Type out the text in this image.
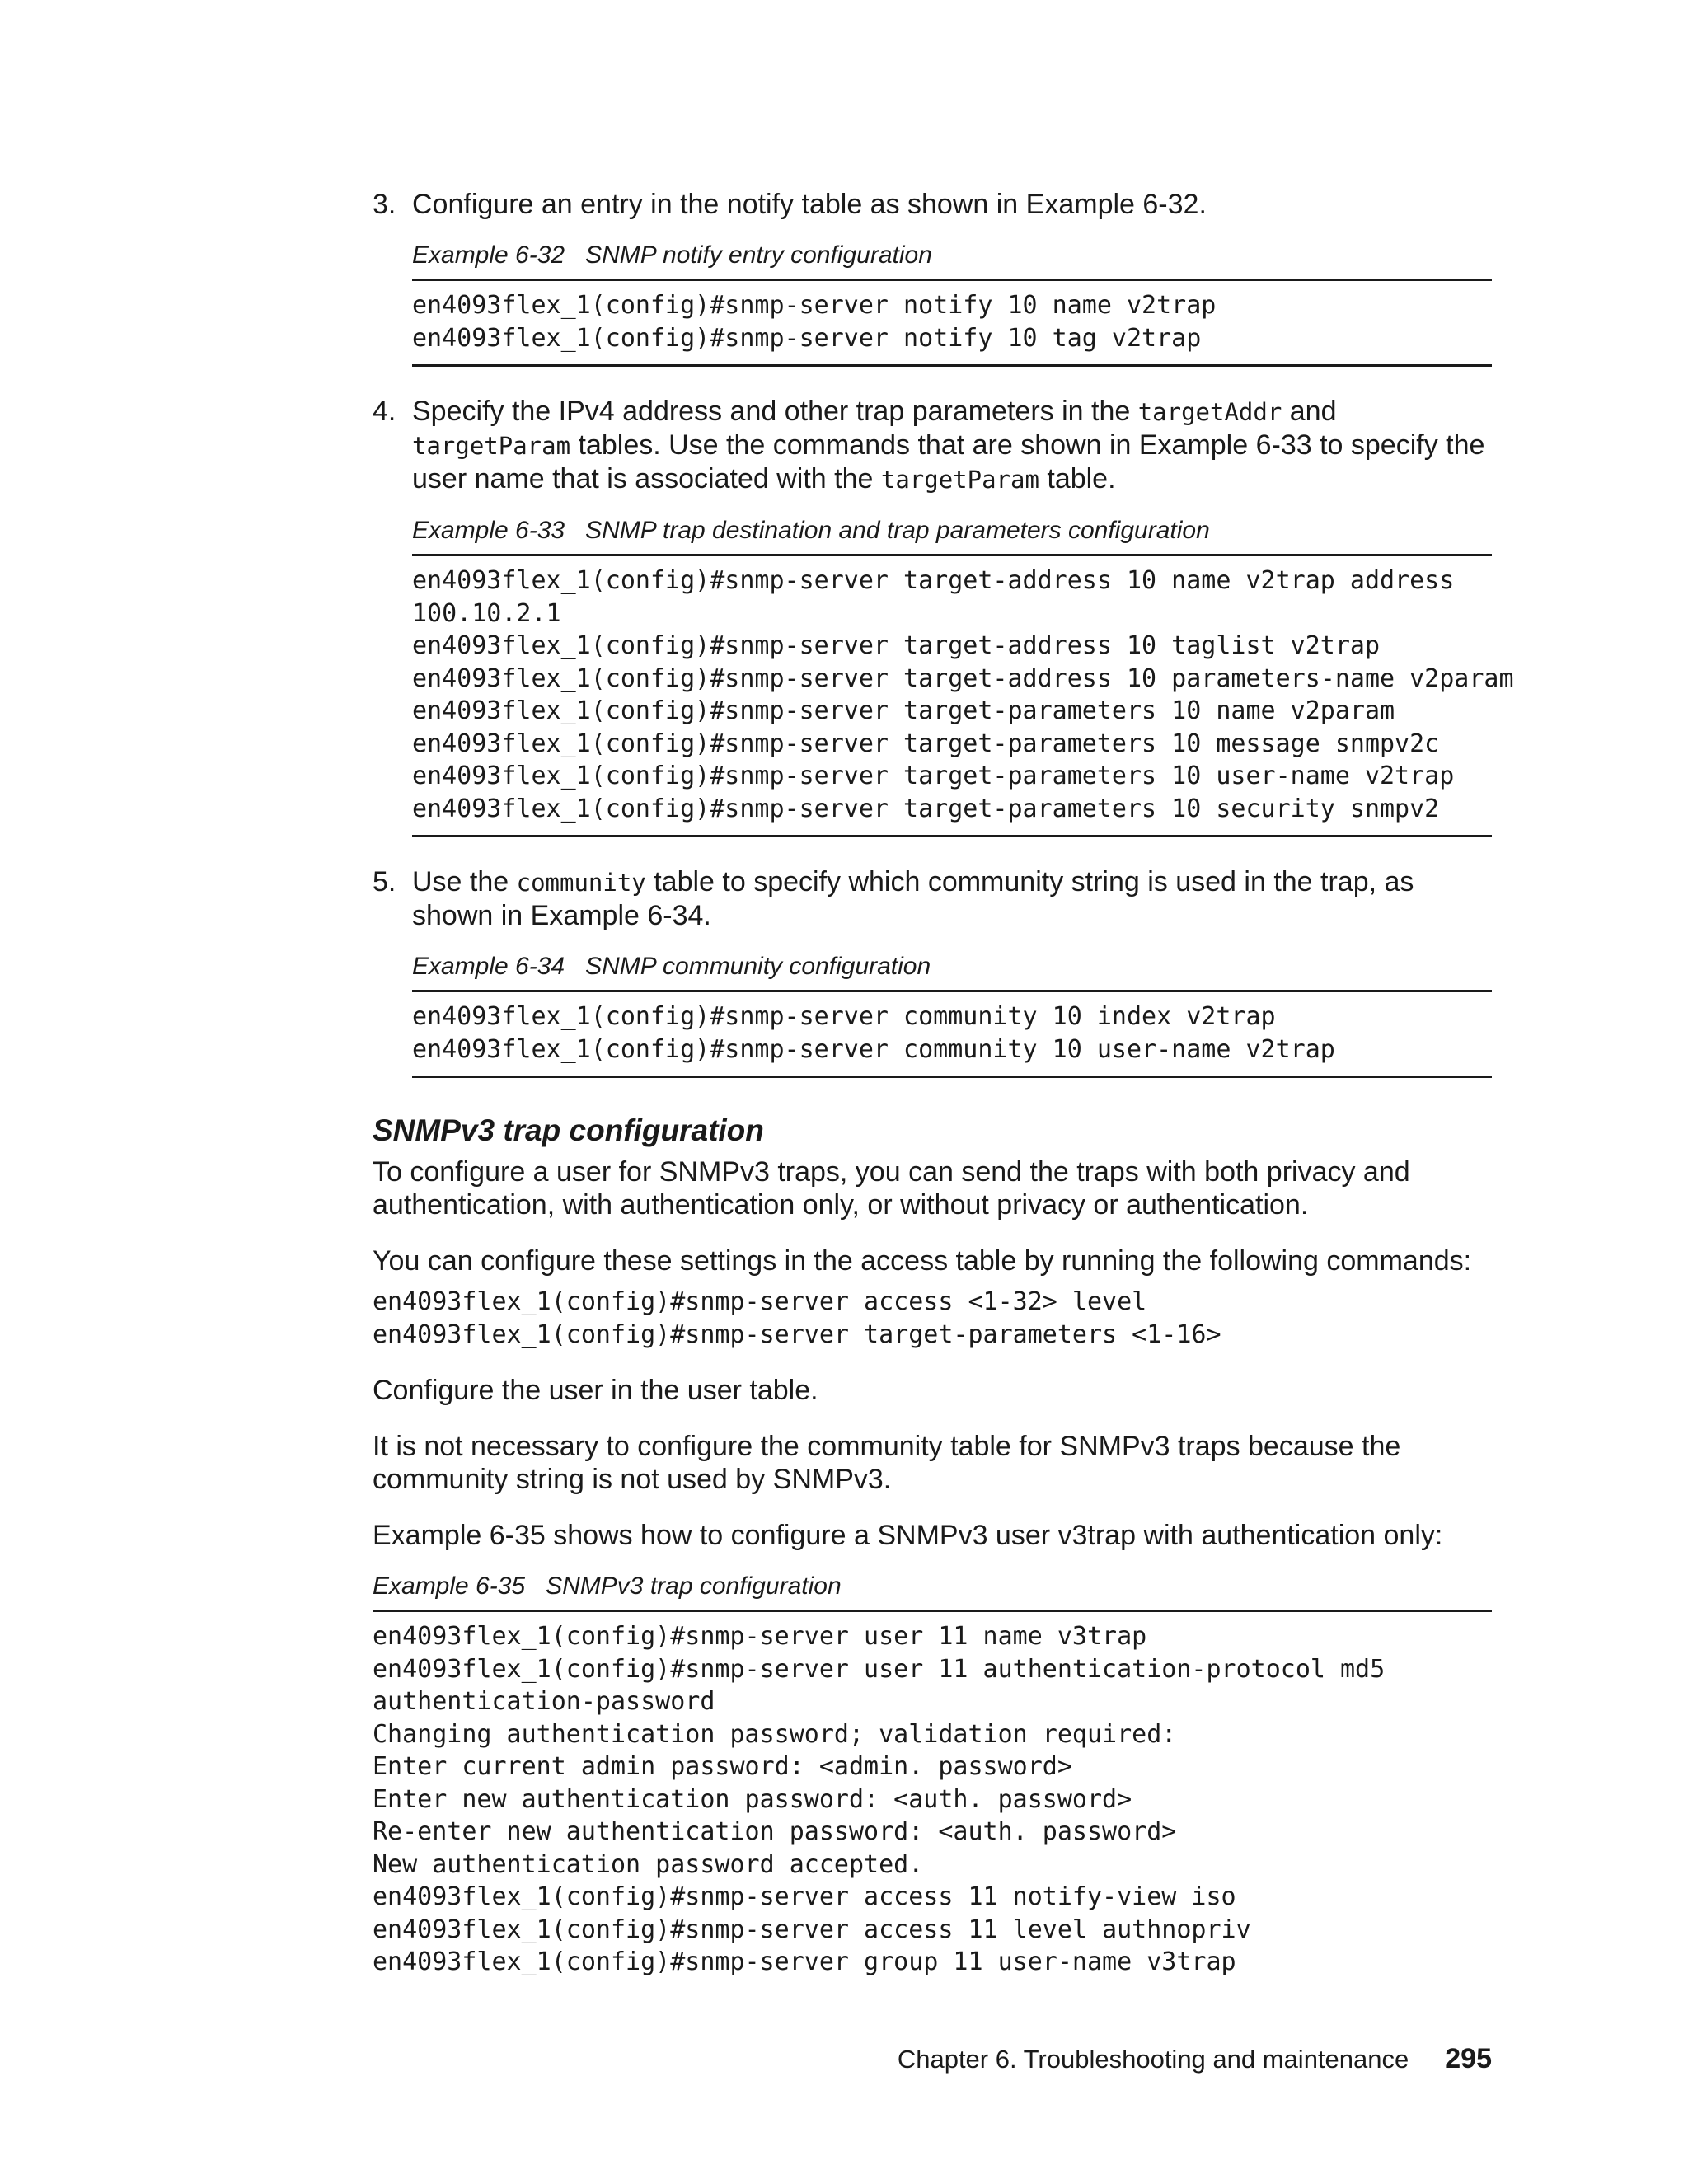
3. Configure an entry in the notify table as shown in Example 6-32.
Example 6-32 SNMP notify entry configuration
en4093flex_1(config)#snmp-server notify 10 name v2trap
en4093flex_1(config)#snmp-server notify 10 tag v2trap
4. Specify the IPv4 address and other trap parameters in the targetAddr and targetParam tables. Use the commands that are shown in Example 6-33 to specify the user name that is associated with the targetParam table.
Example 6-33 SNMP trap destination and trap parameters configuration
en4093flex_1(config)#snmp-server target-address 10 name v2trap address
100.10.2.1
en4093flex_1(config)#snmp-server target-address 10 taglist v2trap
en4093flex_1(config)#snmp-server target-address 10 parameters-name v2param
en4093flex_1(config)#snmp-server target-parameters 10 name v2param
en4093flex_1(config)#snmp-server target-parameters 10 message snmpv2c
en4093flex_1(config)#snmp-server target-parameters 10 user-name v2trap
en4093flex_1(config)#snmp-server target-parameters 10 security snmpv2
5. Use the community table to specify which community string is used in the trap, as shown in Example 6-34.
Example 6-34 SNMP community configuration
en4093flex_1(config)#snmp-server community 10 index v2trap
en4093flex_1(config)#snmp-server community 10 user-name v2trap
SNMPv3 trap configuration
To configure a user for SNMPv3 traps, you can send the traps with both privacy and authentication, with authentication only, or without privacy or authentication.
You can configure these settings in the access table by running the following commands:
en4093flex_1(config)#snmp-server access <1-32> level
en4093flex_1(config)#snmp-server target-parameters <1-16>
Configure the user in the user table.
It is not necessary to configure the community table for SNMPv3 traps because the community string is not used by SNMPv3.
Example 6-35 shows how to configure a SNMPv3 user v3trap with authentication only:
Example 6-35 SNMPv3 trap configuration
en4093flex_1(config)#snmp-server user 11 name v3trap
en4093flex_1(config)#snmp-server user 11 authentication-protocol md5
authentication-password
Changing authentication password; validation required:
Enter current admin password: <admin. password>
Enter new authentication password: <auth. password>
Re-enter new authentication password: <auth. password>
New authentication password accepted.
en4093flex_1(config)#snmp-server access 11 notify-view iso
en4093flex_1(config)#snmp-server access 11 level authnopriv
en4093flex_1(config)#snmp-server group 11 user-name v3trap
Chapter 6. Troubleshooting and maintenance 295
